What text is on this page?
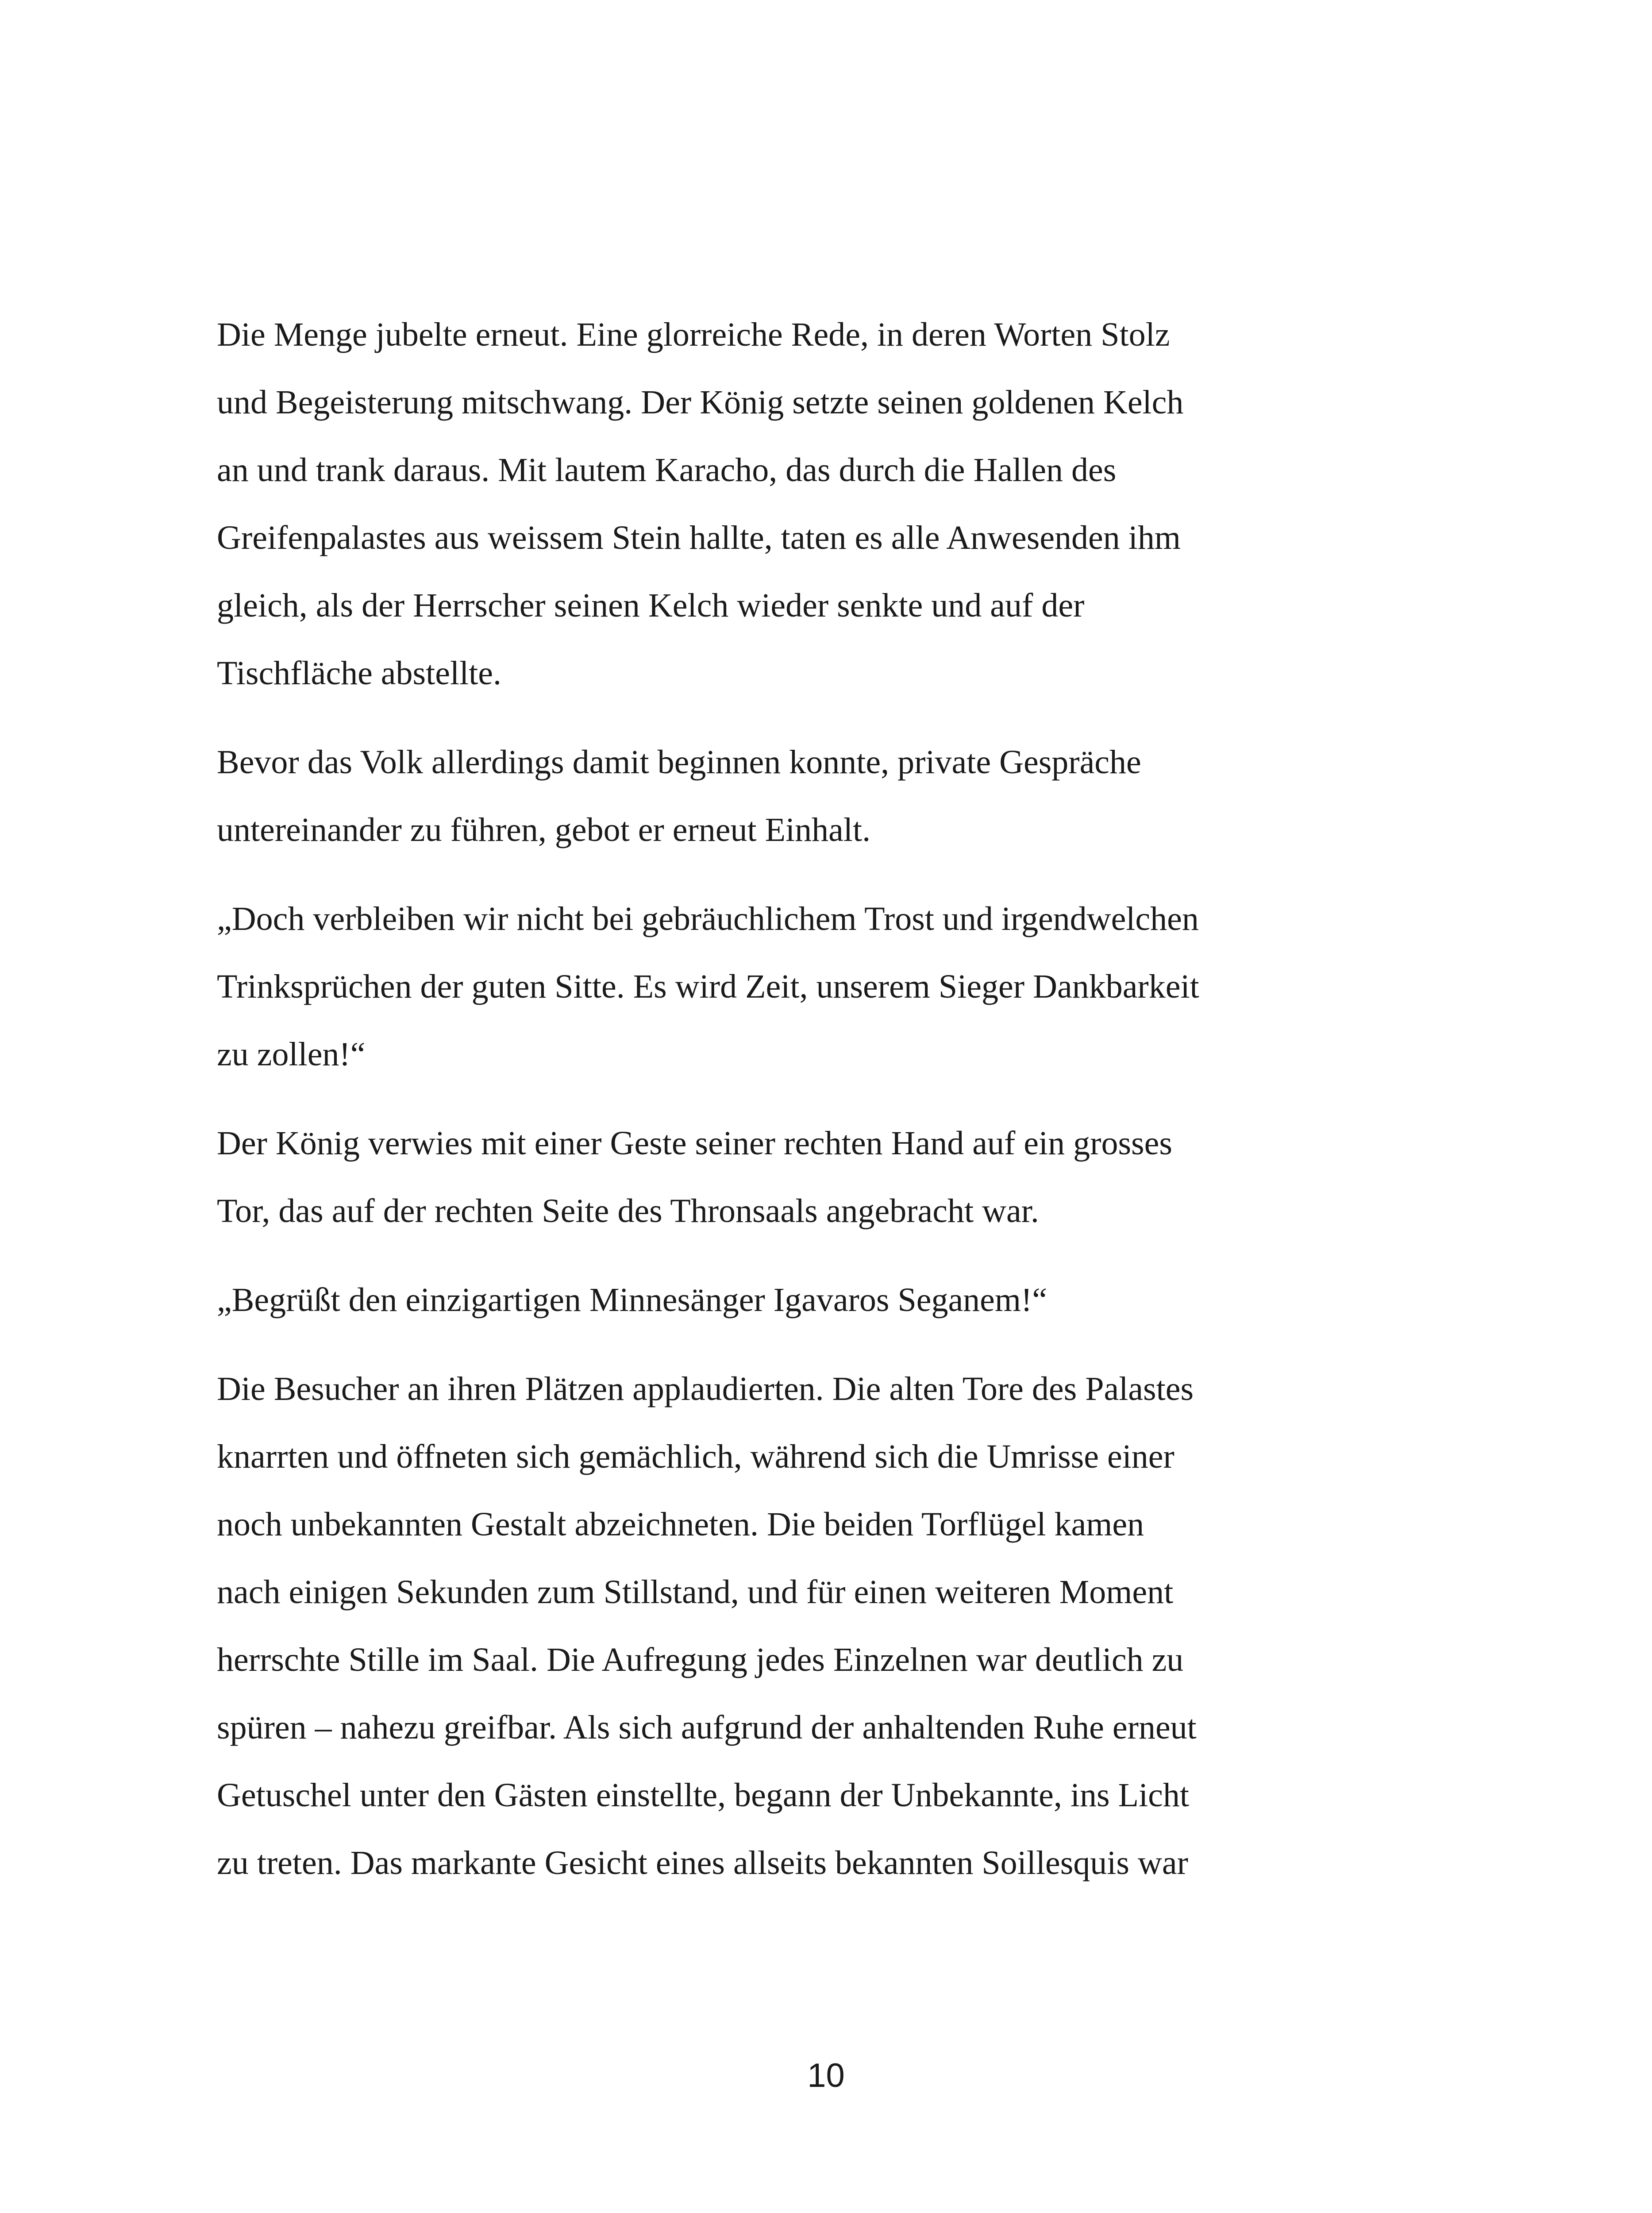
Die Menge jubelte erneut. Eine glorreiche Rede, in deren Worten Stolz
und Begeisterung mitschwang. Der König setzte seinen goldenen Kelch
an und trank daraus. Mit lautem Karacho, das durch die Hallen des
Greifenpalastes aus weissem Stein hallte, taten es alle Anwesenden ihm
gleich, als der Herrscher seinen Kelch wieder senkte und auf der
Tischfläche abstellte.

Bevor das Volk allerdings damit beginnen konnte, private Gespräche
untereinander zu führen, gebot er erneut Einhalt.

„Doch verbleiben wir nicht bei gebräuchlichem Trost und irgendwelchen
Trinksprüchen der guten Sitte. Es wird Zeit, unserem Sieger Dankbarkeit
zu zollen!“

Der König verwies mit einer Geste seiner rechten Hand auf ein grosses
Tor, das auf der rechten Seite des Thronsaals angebracht war.

„Begrüßt den einzigartigen Minnesänger Igavaros Seganem!“

Die Besucher an ihren Plätzen applaudierten. Die alten Tore des Palastes
knarrten und öffneten sich gemächlich, während sich die Umrisse einer
noch unbekannten Gestalt abzeichneten. Die beiden Torflügel kamen
nach einigen Sekunden zum Stillstand, und für einen weiteren Moment
herrschte Stille im Saal. Die Aufregung jedes Einzelnen war deutlich zu
spüren – nahezu greifbar. Als sich aufgrund der anhaltenden Ruhe erneut
Getuschel unter den Gästen einstellte, begann der Unbekannte, ins Licht
zu treten. Das markante Gesicht eines allseits bekannten Soillesquis war

10
